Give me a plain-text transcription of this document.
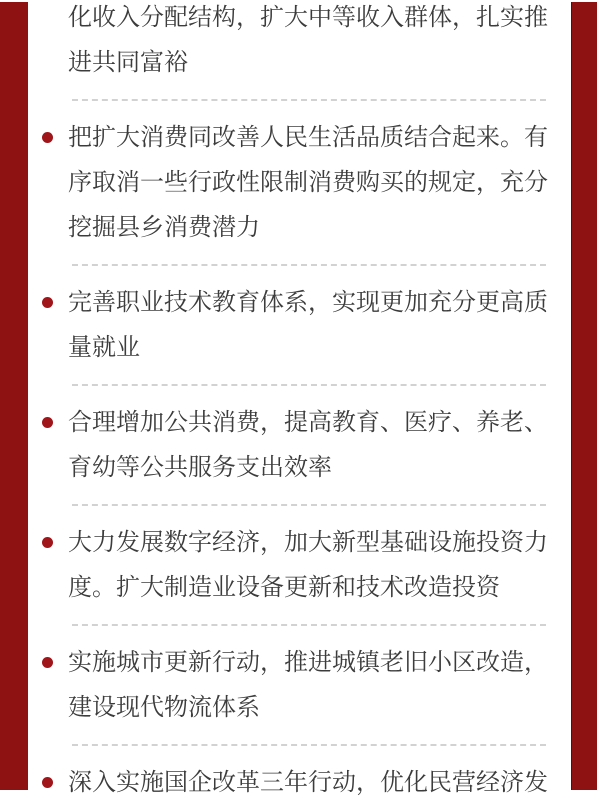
化收入分配结构，扩大中等收入群体，扎实推进共同富裕
把扩大消费同改善人民生活品质结合起来。有序取消一些行政性限制消费购买的规定，充分挖掘县乡消费潜力
完善职业技术教育体系，实现更加充分更高质量就业
合理增加公共消费，提高教育、医疗、养老、育幼等公共服务支出效率
大力发展数字经济，加大新型基础设施投资力度。扩大制造业设备更新和技术改造投资
实施城市更新行动，推进城镇老旧小区改造，建设现代物流体系
深入实施国企改革三年行动，优化民营经济发
